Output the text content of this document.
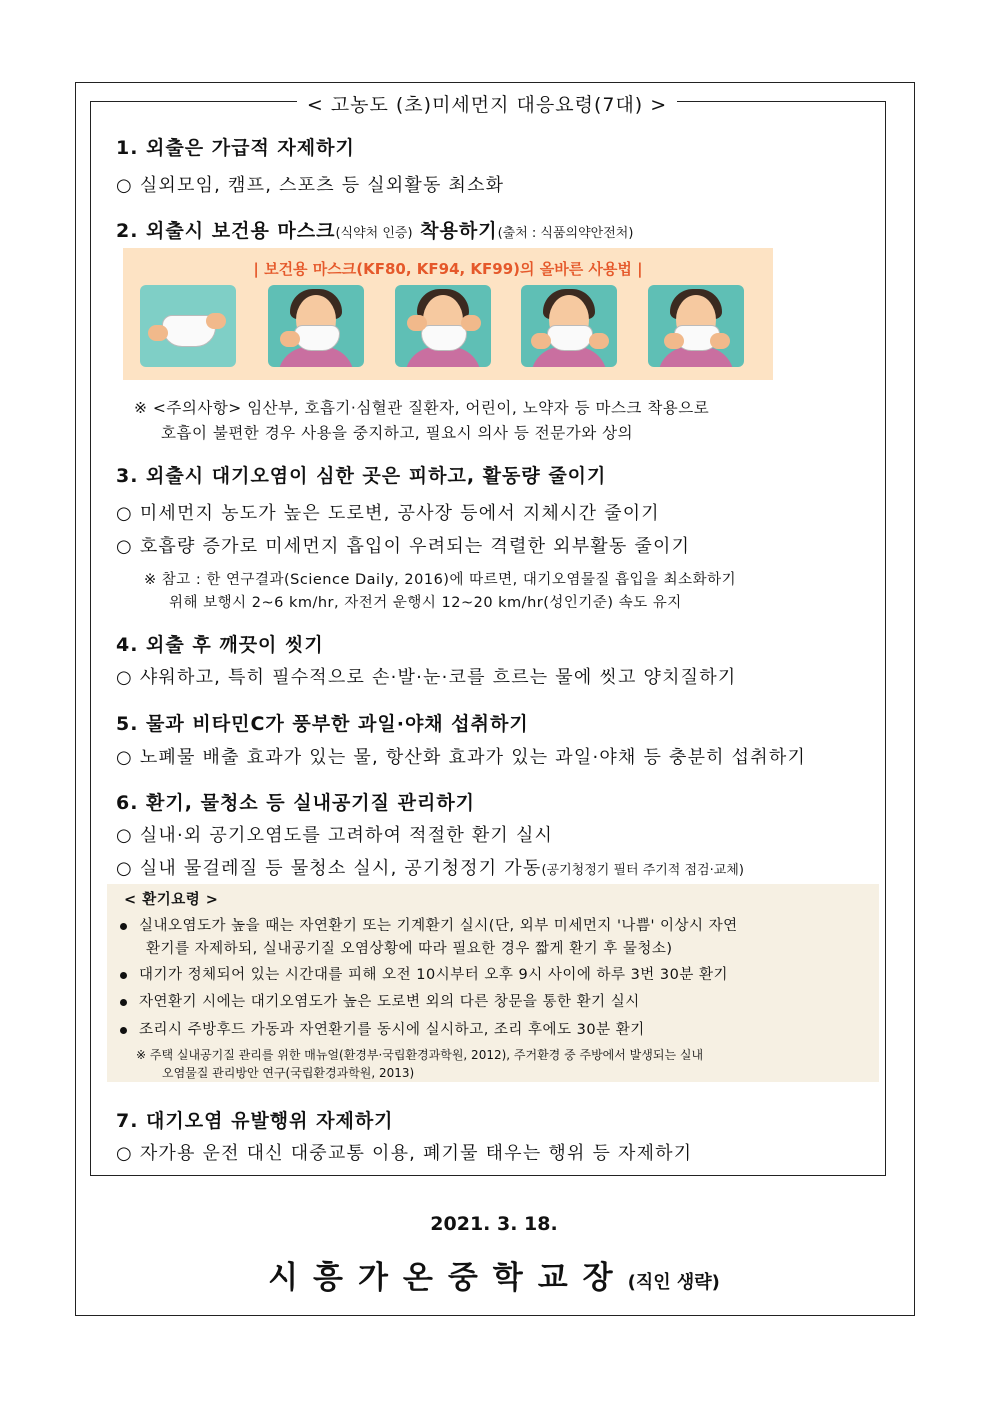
< 고농도 (초)미세먼지 대응요령(7대) >
1. 외출은 가급적 자제하기
○ 실외모임, 캠프, 스포츠 등 실외활동 최소화
2. 외출시 보건용 마스크(식약처 인증) 착용하기(출처 : 식품의약안전처)
| 보건용 마스크(KF80, KF94, KF99)의 올바른 사용법 |
※ <주의사항> 임산부, 호흡기·심혈관 질환자, 어린이, 노약자 등 마스크 착용으로
호흡이 불편한 경우 사용을 중지하고, 필요시 의사 등 전문가와 상의
3. 외출시 대기오염이 심한 곳은 피하고, 활동량 줄이기
○ 미세먼지 농도가 높은 도로변, 공사장 등에서 지체시간 줄이기
○ 호흡량 증가로 미세먼지 흡입이 우려되는 격렬한 외부활동 줄이기
※ 참고 : 한 연구결과(Science Daily, 2016)에 따르면, 대기오염물질 흡입을 최소화하기
위해 보행시 2~6 km/hr, 자전거 운행시 12~20 km/hr(성인기준) 속도 유지
4. 외출 후 깨끗이 씻기
○ 샤워하고, 특히 필수적으로 손·발·눈·코를 흐르는 물에 씻고 양치질하기
5. 물과 비타민C가 풍부한 과일·야채 섭취하기
○ 노폐물 배출 효과가 있는 물, 항산화 효과가 있는 과일·야채 등 충분히 섭취하기
6. 환기, 물청소 등 실내공기질 관리하기
○ 실내·외 공기오염도를 고려하여 적절한 환기 실시
○ 실내 물걸레질 등 물청소 실시, 공기청정기 가동(공기청정기 필터 주기적 점검·교체)
< 환기요령 >
실내오염도가 높을 때는 자연환기 또는 기계환기 실시(단, 외부 미세먼지 '나쁨' 이상시 자연
환기를 자제하되, 실내공기질 오염상황에 따라 필요한 경우 짧게 환기 후 물청소)
대기가 정체되어 있는 시간대를 피해 오전 10시부터 오후 9시 사이에 하루 3번 30분 환기
자연환기 시에는 대기오염도가 높은 도로변 외의 다른 창문을 통한 환기 실시
조리시 주방후드 가동과 자연환기를 동시에 실시하고, 조리 후에도 30분 환기
※ 주택 실내공기질 관리를 위한 매뉴얼(환경부·국립환경과학원, 2012), 주거환경 중 주방에서 발생되는 실내
오염물질 관리방안 연구(국립환경과학원, 2013)
7. 대기오염 유발행위 자제하기
○ 자가용 운전 대신 대중교통 이용, 폐기물 태우는 행위 등 자제하기
2021. 3. 18.
시흥가온중학교장(직인 생략)
